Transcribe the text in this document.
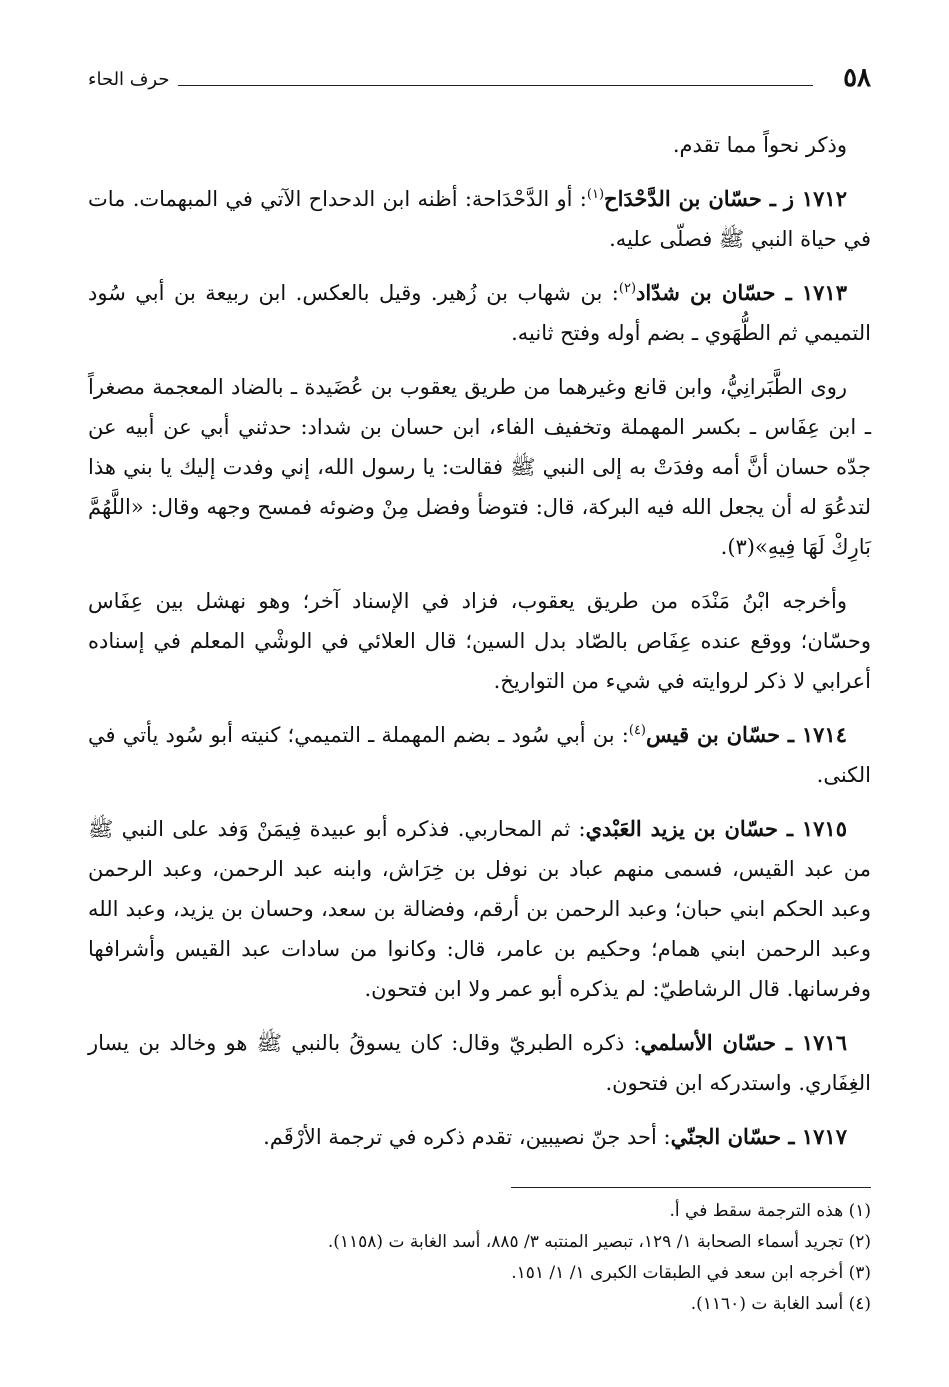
٥٨
حرف الحاء

وذكر نحواً مما تقدم.

١٧١٢ ز ـ حسّان بن الدَّحْدَاح$^{(١)}$: أو الدَّحْدَاحة: أظنه ابن الدحداح الآتي في المبهمات. مات في حياة النبي ﷺ فصلّى عليه.

١٧١٣ ـ حسّان بن شدّاد$^{(٢)}$: بن شهاب بن زُهير. وقيل بالعكس. ابن ربيعة بن أبي سُود التميمي ثم الطُّهَوي ـ بضم أوله وفتح ثانيه.

روى الطَّبَرانِيُّ، وابن قانع وغيرهما من طريق يعقوب بن عُضَيدة ـ بالضاد المعجمة مصغراً ـ ابن عِفَاس ـ بكسر المهملة وتخفيف الفاء، ابن حسان بن شداد: حدثني أبي عن أبيه عن جدّه حسان أنَّ أمه وفدَتْ به إلى النبي ﷺ فقالت: يا رسول الله، إني وفدت إليك يا بني هذا لتدعُوَ له أن يجعل الله فيه البركة، قال: فتوضأ وفضل مِنْ وضوئه فمسح وجهه وقال: «اللَّهُمَّ بَارِكْ لَهَا فِيهِ»(٣).

وأخرجه ابْنُ مَنْدَه من طريق يعقوب، فزاد في الإسناد آخر؛ وهو نهشل بين عِفَاس وحسّان؛ ووقع عنده عِفَاص بالصّاد بدل السين؛ قال العلائي في الوشْي المعلم في إسناده أعرابي لا ذكر لروايته في شيء من التواريخ.

١٧١٤ ـ حسّان بن قيس$^{(٤)}$: بن أبي سُود ـ بضم المهملة ـ التميمي؛ كنيته أبو سُود يأتي في الكنى.

١٧١٥ ـ حسّان بن يزيد العَبْدي: ثم المحاربي. فذكره أبو عبيدة فِيمَنْ وَفد على النبي ﷺ من عبد القيس، فسمى منهم عباد بن نوفل بن خِرَاش، وابنه عبد الرحمن، وعبد الرحمن وعبد الحكم ابني حبان؛ وعبد الرحمن بن أرقم، وفضالة بن سعد، وحسان بن يزيد، وعبد الله وعبد الرحمن ابني همام؛ وحكيم بن عامر، قال: وكانوا من سادات عبد القيس وأشرافها وفرسانها. قال الرشاطيّ: لم يذكره أبو عمر ولا ابن فتحون.

١٧١٦ ـ حسّان الأسلمي: ذكره الطبريّ وقال: كان يسوقُ بالنبي ﷺ هو وخالد بن يسار الغِفَاري. واستدركه ابن فتحون.

١٧١٧ ـ حسّان الجنّي: أحد جنّ نصيبين، تقدم ذكره في ترجمة الأرْقَم.

(١) هذه الترجمة سقط في أ.

(٢) تجريد أسماء الصحابة ١/ ١٢٩، تبصير المنتبه ٣/ ٨٨٥، أسد الغابة ت (١١٥٨).

(٣) أخرجه ابن سعد في الطبقات الكبرى ١/ ١/ ١٥١.

(٤) أسد الغابة ت (١١٦٠).
